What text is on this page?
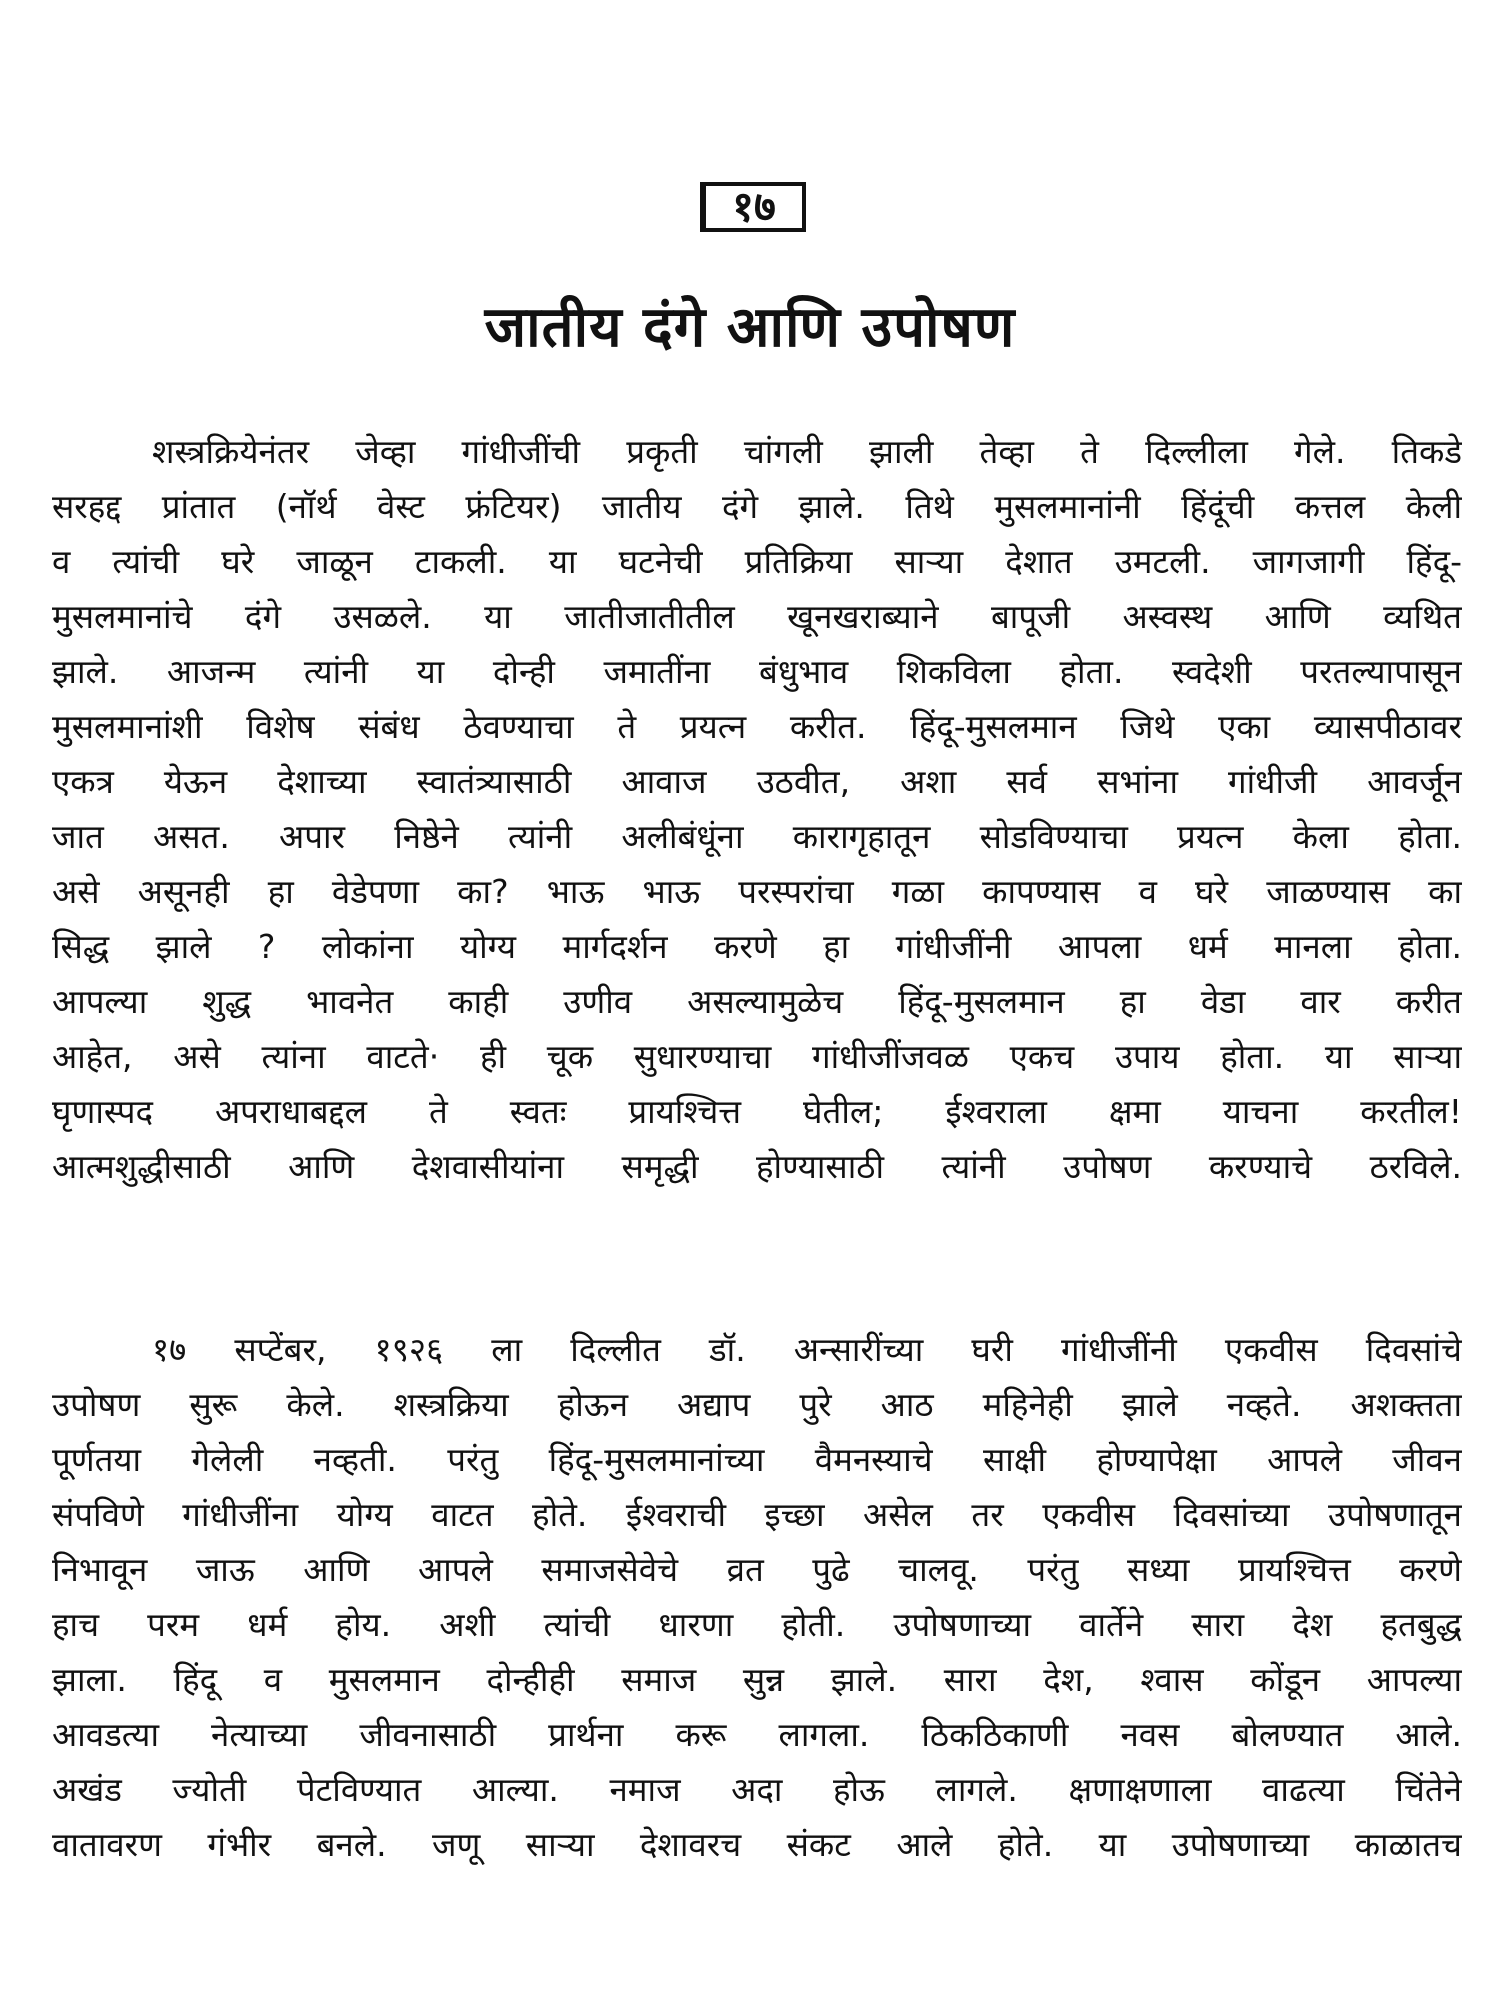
१७
जातीय दंगे आणि उपोषण
शस्त्रक्रियेनंतर जेव्हा गांधीजींची प्रकृती चांगली झाली तेव्हा ते दिल्लीला गेले. तिकडे
सरहद्द प्रांतात (नॉर्थ वेस्ट फ्रंटियर) जातीय दंगे झाले. तिथे मुसलमानांनी हिंदूंची कत्तल केली
व त्यांची घरे जाळून टाकली. या घटनेची प्रतिक्रिया साऱ्या देशात उमटली. जागजागी हिंदू-
मुसलमानांचे दंगे उसळले. या जातीजातीतील खूनखराब्याने बापूजी अस्वस्थ आणि व्यथित
झाले. आजन्म त्यांनी या दोन्ही जमातींना बंधुभाव शिकविला होता. स्वदेशी परतल्यापासून
मुसलमानांशी विशेष संबंध ठेवण्याचा ते प्रयत्न करीत. हिंदू-मुसलमान जिथे एका व्यासपीठावर
एकत्र येऊन देशाच्या स्वातंत्र्यासाठी आवाज उठवीत, अशा सर्व सभांना गांधीजी आवर्जून
जात असत. अपार निष्ठेने त्यांनी अलीबंधूंना कारागृहातून सोडविण्याचा प्रयत्न केला होता.
असे असूनही हा वेडेपणा का? भाऊ भाऊ परस्परांचा गळा कापण्यास व घरे जाळण्यास का
सिद्ध झाले ? लोकांना योग्य मार्गदर्शन करणे हा गांधीजींनी आपला धर्म मानला होता.
आपल्या शुद्ध भावनेत काही उणीव असल्यामुळेच हिंदू-मुसलमान हा वेडा वार करीत
आहेत, असे त्यांना वाटते· ही चूक सुधारण्याचा गांधीजींजवळ एकच उपाय होता. या साऱ्या
घृणास्पद अपराधाबद्दल ते स्वतः प्रायश्चित्त घेतील; ईश्वराला क्षमा याचना करतील!
आत्मशुद्धीसाठी आणि देशवासीयांना समृद्धी होण्यासाठी त्यांनी उपोषण करण्याचे ठरविले.
१७ सप्टेंबर, १९२६ ला दिल्लीत डॉ. अन्सारींच्या घरी गांधीजींनी एकवीस दिवसांचे
उपोषण सुरू केले. शस्त्रक्रिया होऊन अद्याप पुरे आठ महिनेही झाले नव्हते. अशक्तता
पूर्णतया गेलेली नव्हती. परंतु हिंदू-मुसलमानांच्या वैमनस्याचे साक्षी होण्यापेक्षा आपले जीवन
संपविणे गांधीजींना योग्य वाटत होते. ईश्वराची इच्छा असेल तर एकवीस दिवसांच्या उपोषणातून
निभावून जाऊ आणि आपले समाजसेवेचे व्रत पुढे चालवू. परंतु सध्या प्रायश्चित्त करणे
हाच परम धर्म होय. अशी त्यांची धारणा होती. उपोषणाच्या वार्तेने सारा देश हतबुद्ध
झाला. हिंदू व मुसलमान दोन्हीही समाज सुन्न झाले. सारा देश, श्वास कोंडून आपल्या
आवडत्या नेत्याच्या जीवनासाठी प्रार्थना करू लागला. ठिकठिकाणी नवस बोलण्यात आले.
अखंड ज्योती पेटविण्यात आल्या. नमाज अदा होऊ लागले. क्षणाक्षणाला वाढत्या चिंतेने
वातावरण गंभीर बनले. जणू साऱ्या देशावरच संकट आले होते. या उपोषणाच्या काळातच
